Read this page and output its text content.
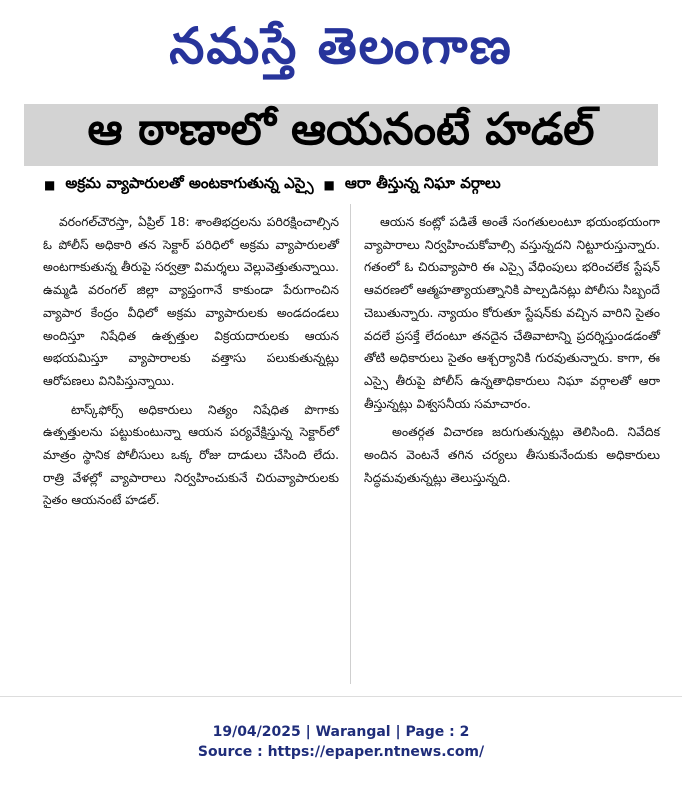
నమస్తే తెలంగాణ
ఆ ఠాణాలో ఆయనంటే హడల్
■ అక్రమ వ్యాపారులతో అంటకాగుతున్న ఎస్సై ■ ఆరా తీస్తున్న నిఘా వర్గాలు

వరంగల్‌చౌరస్తా, ఏప్రిల్ 18: శాంతిభద్రలను పరిరక్షించాల్సిన ఓ పోలీస్ అధికారి తన సెక్టార్ పరిధిలో అక్రమ వ్యాపారులతో అంటగాకుతున్న తీరుపై సర్వత్రా విమర్శలు వెల్లువెత్తుతున్నాయి. ఉమ్మడి వరంగల్ జిల్లా వ్యాప్తంగానే కాకుండా పేరుగాంచిన వ్యాపార కేంద్రం వీధిలో అక్రమ వ్యాపారులకు అండదండలు అందిస్తూ నిషేధిత ఉత్పత్తుల విక్రయదారులకు ఆయన అభయమిస్తూ వ్యాపారాలకు వత్తాసు పలుకుతున్నట్లు ఆరోపణలు వినిపిస్తున్నాయి.

టాస్క్‌ఫోర్స్ అధికారులు నిత్యం నిషేధిత పొగాకు ఉత్పత్తులను పట్టుకుంటున్నా ఆయన పర్యవేక్షిస్తున్న సెక్టార్‌లో మాత్రం స్థానిక పోలీసులు ఒక్క రోజు దాడులు చేసింది లేదు. రాత్రి వేళల్లో వ్యాపారాలు నిర్వహించుకునే చిరువ్యాపారులకు సైతం ఆయనంటే హడల్.

ఆయన కంట్లో పడితే అంతే సంగతులంటూ భయంభయంగా వ్యాపారాలు నిర్వహించుకోవాల్సి వస్తున్నదని నిట్టూరుస్తున్నారు. గతంలో ఓ చిరువ్యాపారి ఈ ఎస్సై వేధింపులు భరించలేక స్టేషన్ ఆవరణలో ఆత్మహత్యాయత్నానికి పాల్పడినట్లు పోలీసు సిబ్బందే చెబుతున్నారు. న్యాయం కోరుతూ స్టేషన్‌కు వచ్చిన వారిని సైతం వదలే ప్రసక్తే లేదంటూ తనదైన చేతివాటాన్ని ప్రదర్శిస్తుండడంతో తోటి అధికారులు సైతం ఆశ్చర్యానికి గురవుతున్నారు. కాగా, ఈ ఎస్సై తీరుపై పోలీస్ ఉన్నతాధికారులు నిఘా వర్గాలతో ఆరా తీస్తున్నట్లు విశ్వసనీయ సమాచారం.

అంతర్గత విచారణ జరుగుతున్నట్లు తెలిసింది. నివేదిక అందిన వెంటనే తగిన చర్యలు తీసుకునేందుకు అధికారులు సిద్ధమవుతున్నట్లు తెలుస్తున్నది.

19/04/2025 | Warangal | Page : 2
Source : https://epaper.ntnews.com/
